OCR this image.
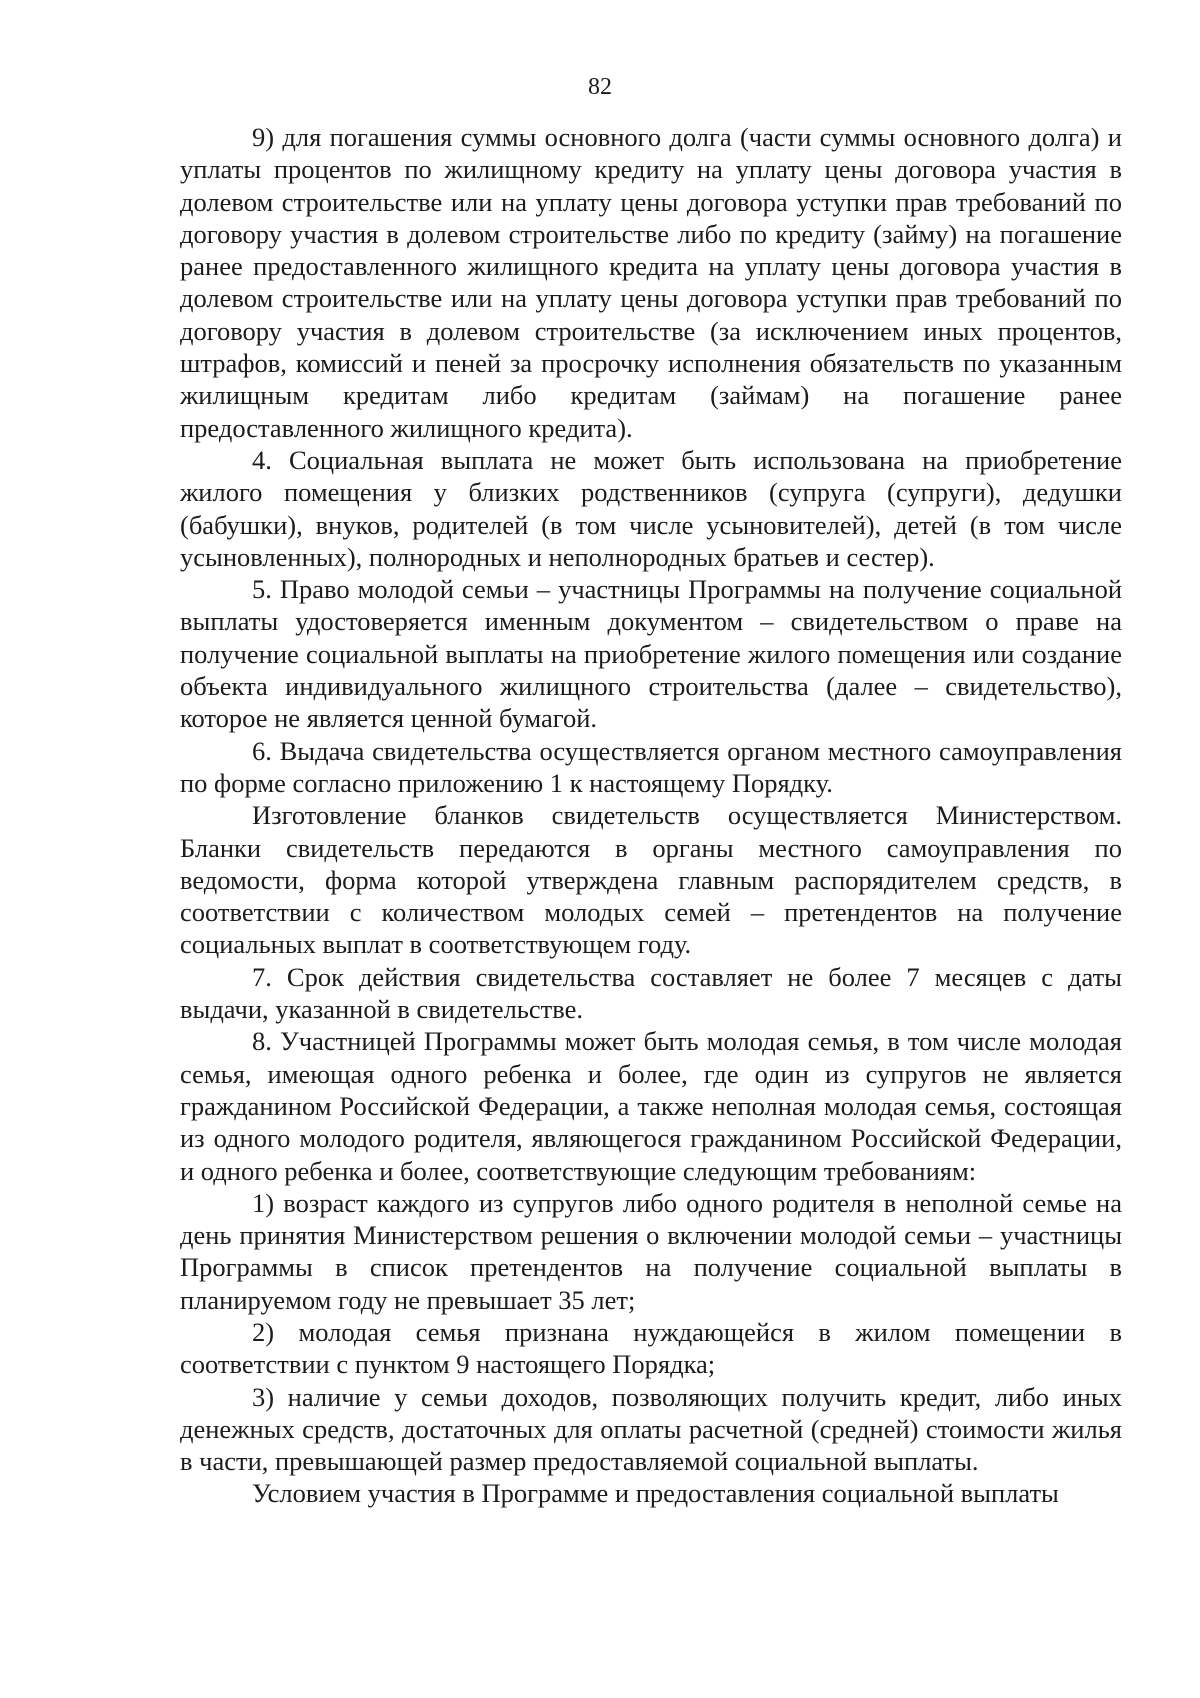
82

9) для погашения суммы основного долга (части суммы основного долга) и уплаты процентов по жилищному кредиту на уплату цены договора участия в долевом строительстве или на уплату цены договора уступки прав требований по договору участия в долевом строительстве либо по кредиту (займу) на погашение ранее предоставленного жилищного кредита на уплату цены договора участия в долевом строительстве или на уплату цены договора уступки прав требований по договору участия в долевом строительстве (за исключением иных процентов, штрафов, комиссий и пеней за просрочку исполнения обязательств по указанным жилищным кредитам либо кредитам (займам) на погашение ранее предоставленного жилищного кредита).

4. Социальная выплата не может быть использована на приобретение жилого помещения у близких родственников (супруга (супруги), дедушки (бабушки), внуков, родителей (в том числе усыновителей), детей (в том числе усыновленных), полнородных и неполнородных братьев и сестер).

5. Право молодой семьи – участницы Программы на получение социальной выплаты удостоверяется именным документом – свидетельством о праве на получение социальной выплаты на приобретение жилого помещения или создание объекта индивидуального жилищного строительства (далее – свидетельство), которое не является ценной бумагой.

6. Выдача свидетельства осуществляется органом местного самоуправления по форме согласно приложению 1 к настоящему Порядку.

Изготовление бланков свидетельств осуществляется Министерством. Бланки свидетельств передаются в органы местного самоуправления по ведомости, форма которой утверждена главным распорядителем средств, в соответствии с количеством молодых семей – претендентов на получение социальных выплат в соответствующем году.

7. Срок действия свидетельства составляет не более 7 месяцев с даты выдачи, указанной в свидетельстве.

8. Участницей Программы может быть молодая семья, в том числе молодая семья, имеющая одного ребенка и более, где один из супругов не является гражданином Российской Федерации, а также неполная молодая семья, состоящая из одного молодого родителя, являющегося гражданином Российской Федерации, и одного ребенка и более, соответствующие следующим требованиям:

1) возраст каждого из супругов либо одного родителя в неполной семье на день принятия Министерством решения о включении молодой семьи – участницы Программы в список претендентов на получение социальной выплаты в планируемом году не превышает 35 лет;

2) молодая семья признана нуждающейся в жилом помещении в соответствии с пунктом 9 настоящего Порядка;

3) наличие у семьи доходов, позволяющих получить кредит, либо иных денежных средств, достаточных для оплаты расчетной (средней) стоимости жилья в части, превышающей размер предоставляемой социальной выплаты.

Условием участия в Программе и предоставления социальной выплаты
